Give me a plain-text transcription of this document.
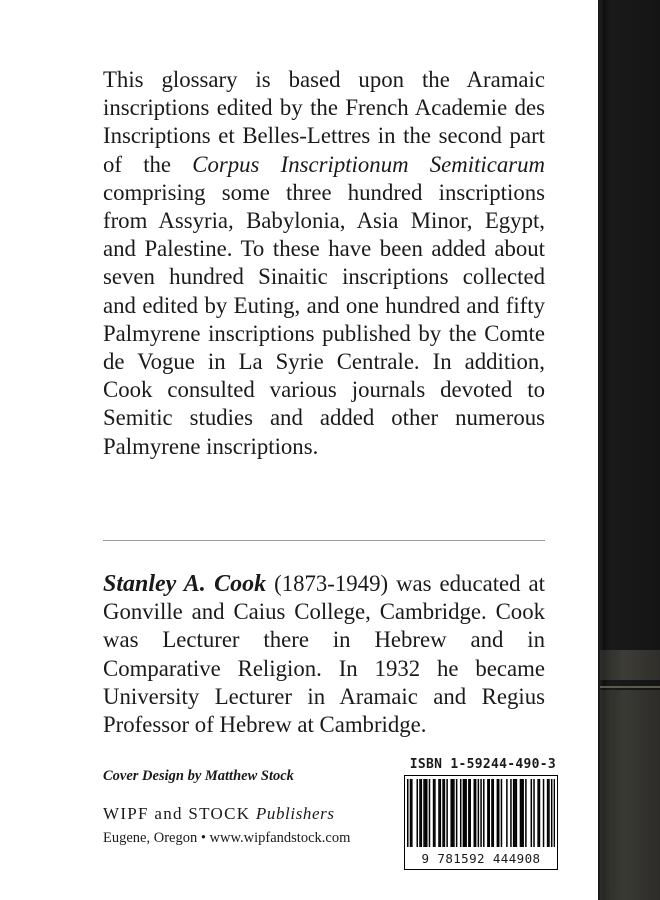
This glossary is based upon the Aramaic inscriptions edited by the French Academie des Inscriptions et Belles-Lettres in the second part of the Corpus Inscriptionum Semiticarum comprising some three hundred inscriptions from Assyria, Babylonia, Asia Minor, Egypt, and Palestine. To these have been added about seven hundred Sinaitic inscriptions collected and edited by Euting, and one hundred and fifty Palmyrene inscriptions published by the Comte de Vogue in La Syrie Centrale. In addition, Cook consulted various journals devoted to Semitic studies and added other numerous Palmyrene inscriptions.

Stanley A. Cook (1873-1949) was educated at Gonville and Caius College, Cambridge. Cook was Lecturer there in Hebrew and in Comparative Religion. In 1932 he became University Lecturer in Aramaic and Regius Professor of Hebrew at Cambridge.

Cover Design by Matthew Stock
WIPF and STOCK Publishers
Eugene, Oregon • www.wipfandstock.com
ISBN 1-59244-490-3
9 781592 444908
